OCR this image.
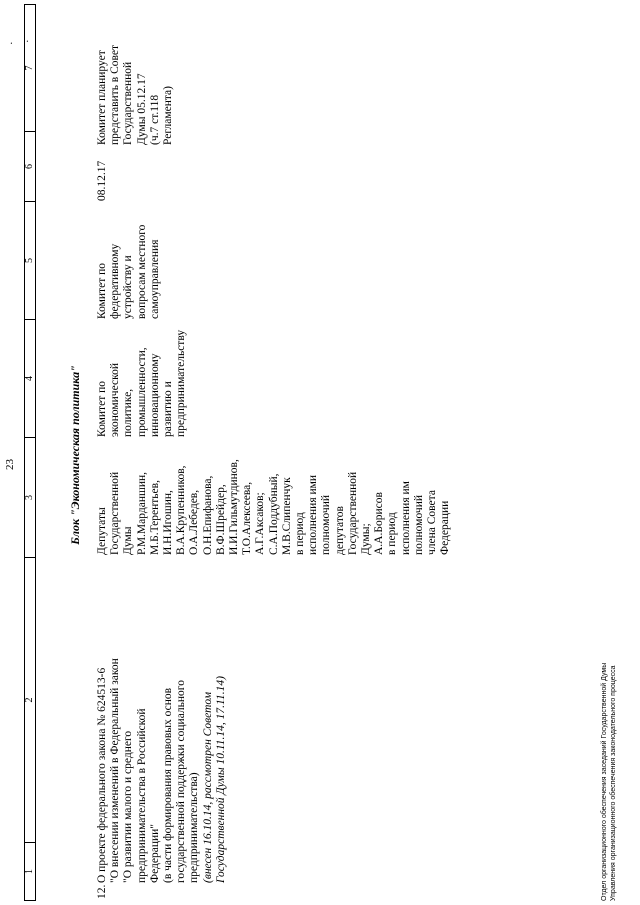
23
·
·
1
2
3
4
5
6
7
Блок "Экономическая политика"
12.
О проекте федерального закона № 624513-6 "О внесении изменений в Федеральный закон "О развитии малого и среднего предпринимательства в Российской Федерации" (в части формирования правовых основ государственной поддержки социального предпринимательства) (внесен 16.10.14, рассмотрен Советом Государственной Думы 10.11.14, 17.11.14)
Депутаты Государственной Думы Р.М.Марданшин, М.Б.Терентьев, И.Н.Игошин, В.А.Крупенников, О.А.Лебедев, О.Н.Епифанова, В.Ф.Шрейдер, И.И.Гильмутдинов, Т.О.Алексеева, А.Г.Аксаков; С.А.Поддубный, М.В.Слипенчук в период исполнения ими полномочий депутатов Государственной Думы; А.А.Борисов в период исполнения им полномочий члена Совета Федерации
Комитет по экономической политике, промышленности, инновационному развитию и предпринимательству
Комитет по федеративному устройству и вопросам местного самоуправления
08.12.17
Комитет планирует представить в Совет Государственной Думы 05.12.17 (ч.7 ст.118 Регламента)
Отдел организационного обеспечения заседаний Государственной Думы Управления организационного обеспечения законодательного процесса
